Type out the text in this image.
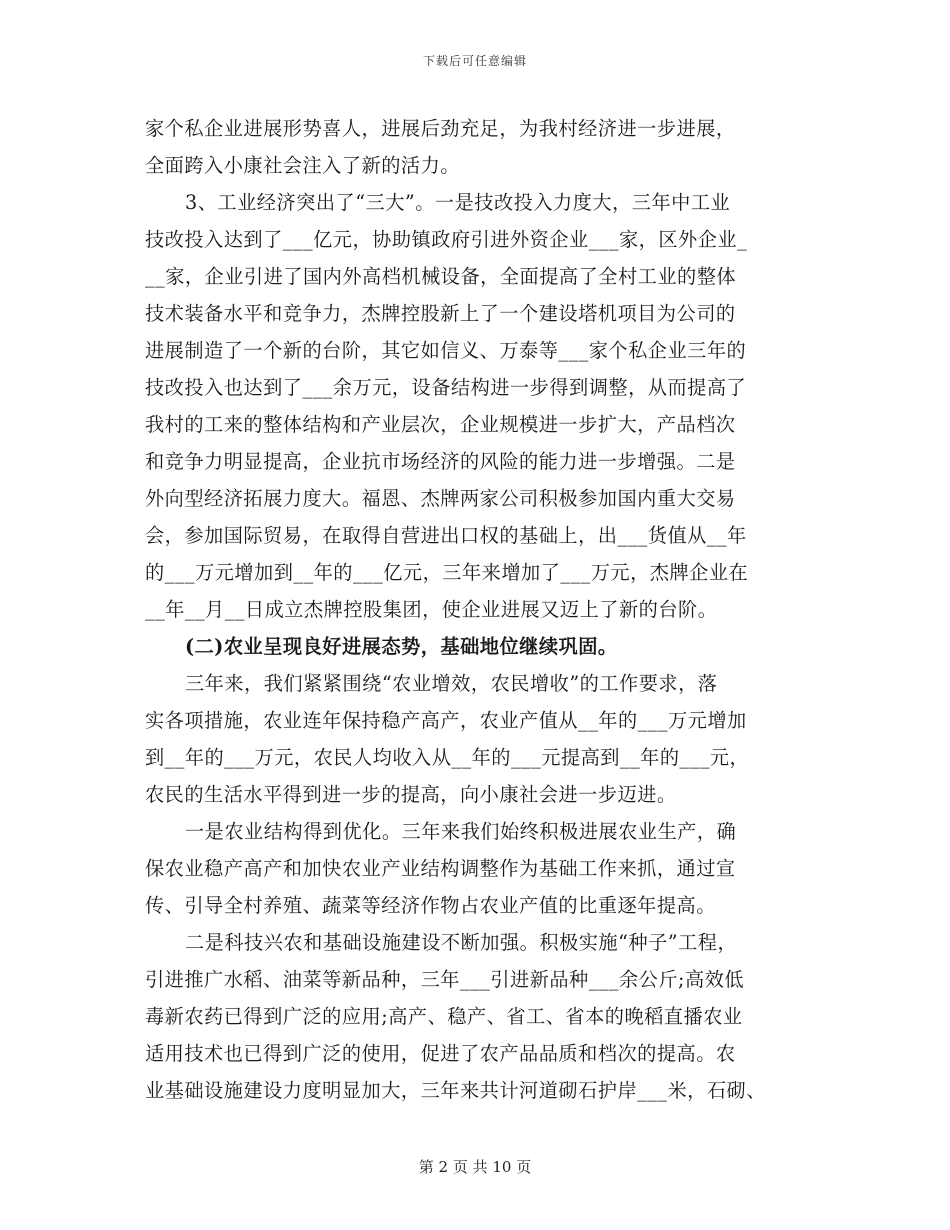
下载后可任意编辑
家个私企业进展形势喜人，进展后劲充足，为我村经济进一步进展，
全面跨入小康社会注入了新的活力。
3、工业经济突出了“三大”。一是技改投入力度大，三年中工业
技改投入达到了___亿元，协助镇政府引进外资企业___家，区外企业_
__家，企业引进了国内外高档机械设备，全面提高了全村工业的整体
技术装备水平和竞争力，杰牌控股新上了一个建设塔机项目为公司的
进展制造了一个新的台阶，其它如信义、万泰等___家个私企业三年的
技改投入也达到了___余万元，设备结构进一步得到调整，从而提高了
我村的工来的整体结构和产业层次，企业规模进一步扩大，产品档次
和竞争力明显提高，企业抗市场经济的风险的能力进一步增强。二是
外向型经济拓展力度大。福恩、杰牌两家公司积极参加国内重大交易
会，参加国际贸易，在取得自营进出口权的基础上，出___货值从__年
的___万元增加到__年的___亿元，三年来增加了___万元，杰牌企业在
__年__月__日成立杰牌控股集团，使企业进展又迈上了新的台阶。
(二)农业呈现良好进展态势，基础地位继续巩固。
三年来，我们紧紧围绕“农业增效，农民增收”的工作要求，落
实各项措施，农业连年保持稳产高产，农业产值从__年的___万元增加
到__年的___万元，农民人均收入从__年的___元提高到__年的___元，
农民的生活水平得到进一步的提高，向小康社会进一步迈进。
一是农业结构得到优化。三年来我们始终积极进展农业生产，确
保农业稳产高产和加快农业产业结构调整作为基础工作来抓，通过宣
传、引导全村养殖、蔬菜等经济作物占农业产值的比重逐年提高。
二是科技兴农和基础设施建设不断加强。积极实施“种子”工程，
引进推广水稻、油菜等新品种，三年___引进新品种___余公斤;高效低
毒新农药已得到广泛的应用;高产、稳产、省工、省本的晚稻直播农业
适用技术也已得到广泛的使用，促进了农产品品质和档次的提高。农
业基础设施建设力度明显加大，三年来共计河道砌石护岸___米，石砌、
第 2 页 共 10 页
